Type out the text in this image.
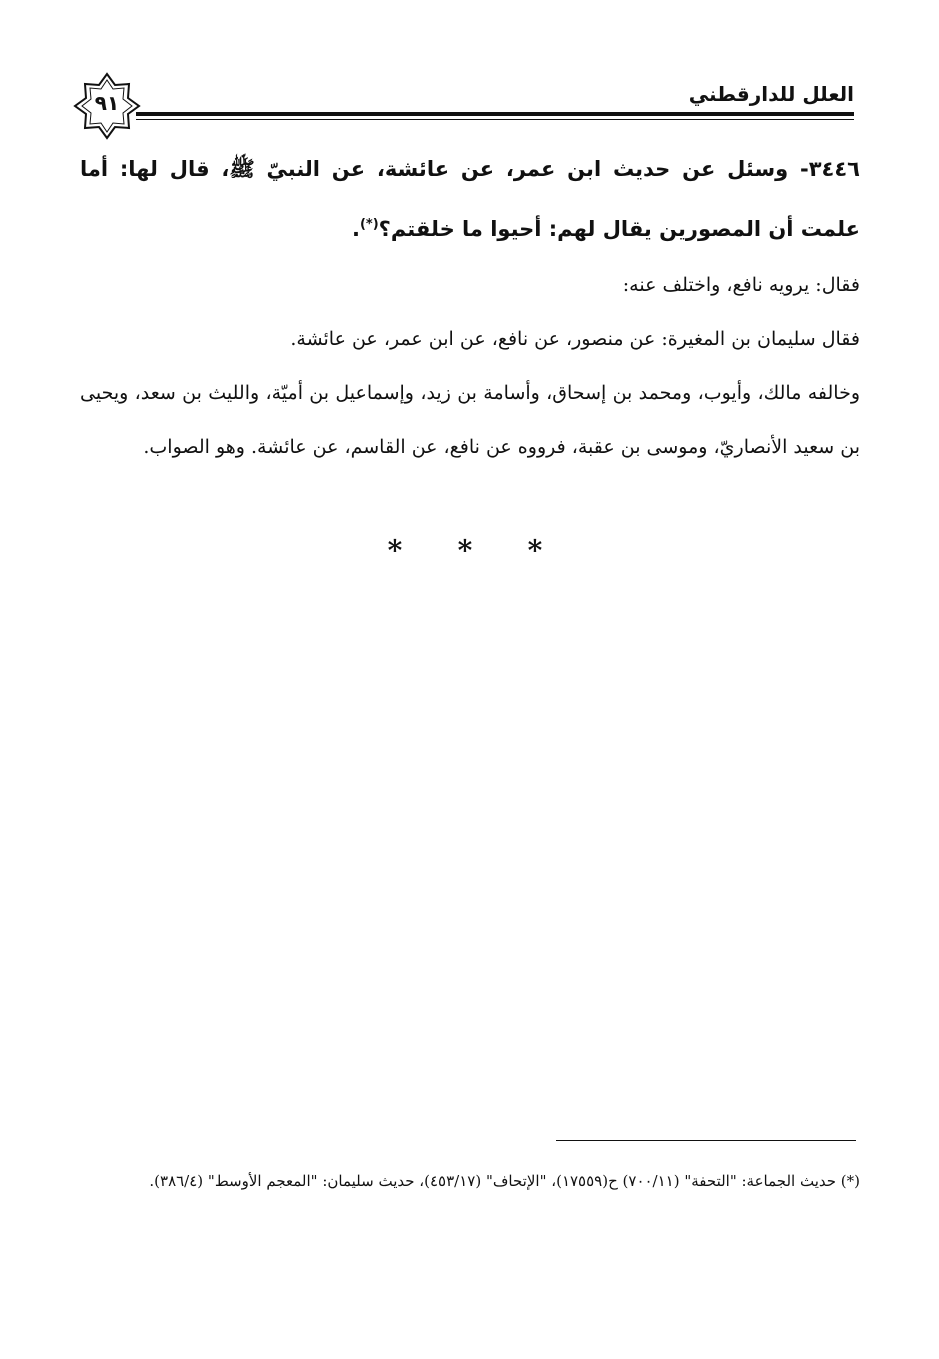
العلل للدارقطني
٩١
٣٤٤٦- وسئل عن حديث ابن عمر، عن عائشة، عن النبيّ ﷺ، قال لها: أما علمت أن المصورين يقال لهم: أحيوا ما خلقتم؟(*).

فقال: يرويه نافع، واختلف عنه:

فقال سليمان بن المغيرة: عن منصور، عن نافع، عن ابن عمر، عن عائشة.

وخالفه مالك، وأيوب، ومحمد بن إسحاق، وأسامة بن زيد، وإسماعيل بن أميّة، والليث بن سعد، ويحيى بن سعيد الأنصاريّ، وموسى بن عقبة، فرووه عن نافع، عن القاسم، عن عائشة. وهو الصواب.

* * *
(*) حديث الجماعة: "التحفة" (٧٠٠/١١) ح(١٧٥٥٩)، "الإتحاف" (٤٥٣/١٧)، حديث سليمان: "المعجم الأوسط" (٣٨٦/٤).
